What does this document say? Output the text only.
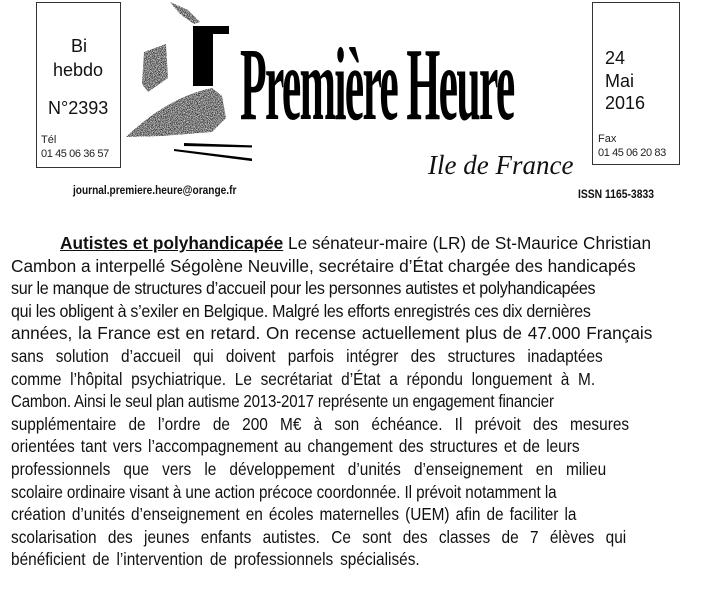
Bi
hebdo
N°2393
Tél
01 45 06 36 57
Première Heure
Ile de France
24
Mai
2016
Fax
01 45 06 20 83
journal.premiere.heure@orange.fr	ISSN 1165-3833
Autistes et polyhandicapée Le sénateur-maire (LR) de St-Maurice Christian
Cambon a interpellé Ségolène Neuville, secrétaire d’État chargée des handicapés
sur le manque de structures d’accueil pour les personnes autistes et polyhandicapées
qui les obligent à s’exiler en Belgique. Malgré les efforts enregistrés ces dix dernières
années, la France est en retard. On recense actuellement plus de 47.000 Français
sans solution d’accueil qui doivent parfois intégrer des structures inadaptées
comme l’hôpital psychiatrique. Le secrétariat d’État a répondu longuement à M.
Cambon. Ainsi le seul plan autisme 2013-2017 représente un engagement financier
supplémentaire de l’ordre de 200 M€ à son échéance. Il prévoit des mesures
orientées tant vers l’accompagnement au changement des structures et de leurs
professionnels que vers le développement d’unités d’enseignement en milieu
scolaire ordinaire visant à une action précoce coordonnée. Il prévoit notamment la
création d’unités d’enseignement en écoles maternelles (UEM) afin de faciliter la
scolarisation des jeunes enfants autistes. Ce sont des classes de 7 élèves qui
bénéficient de l’intervention de professionnels spécialisés.
